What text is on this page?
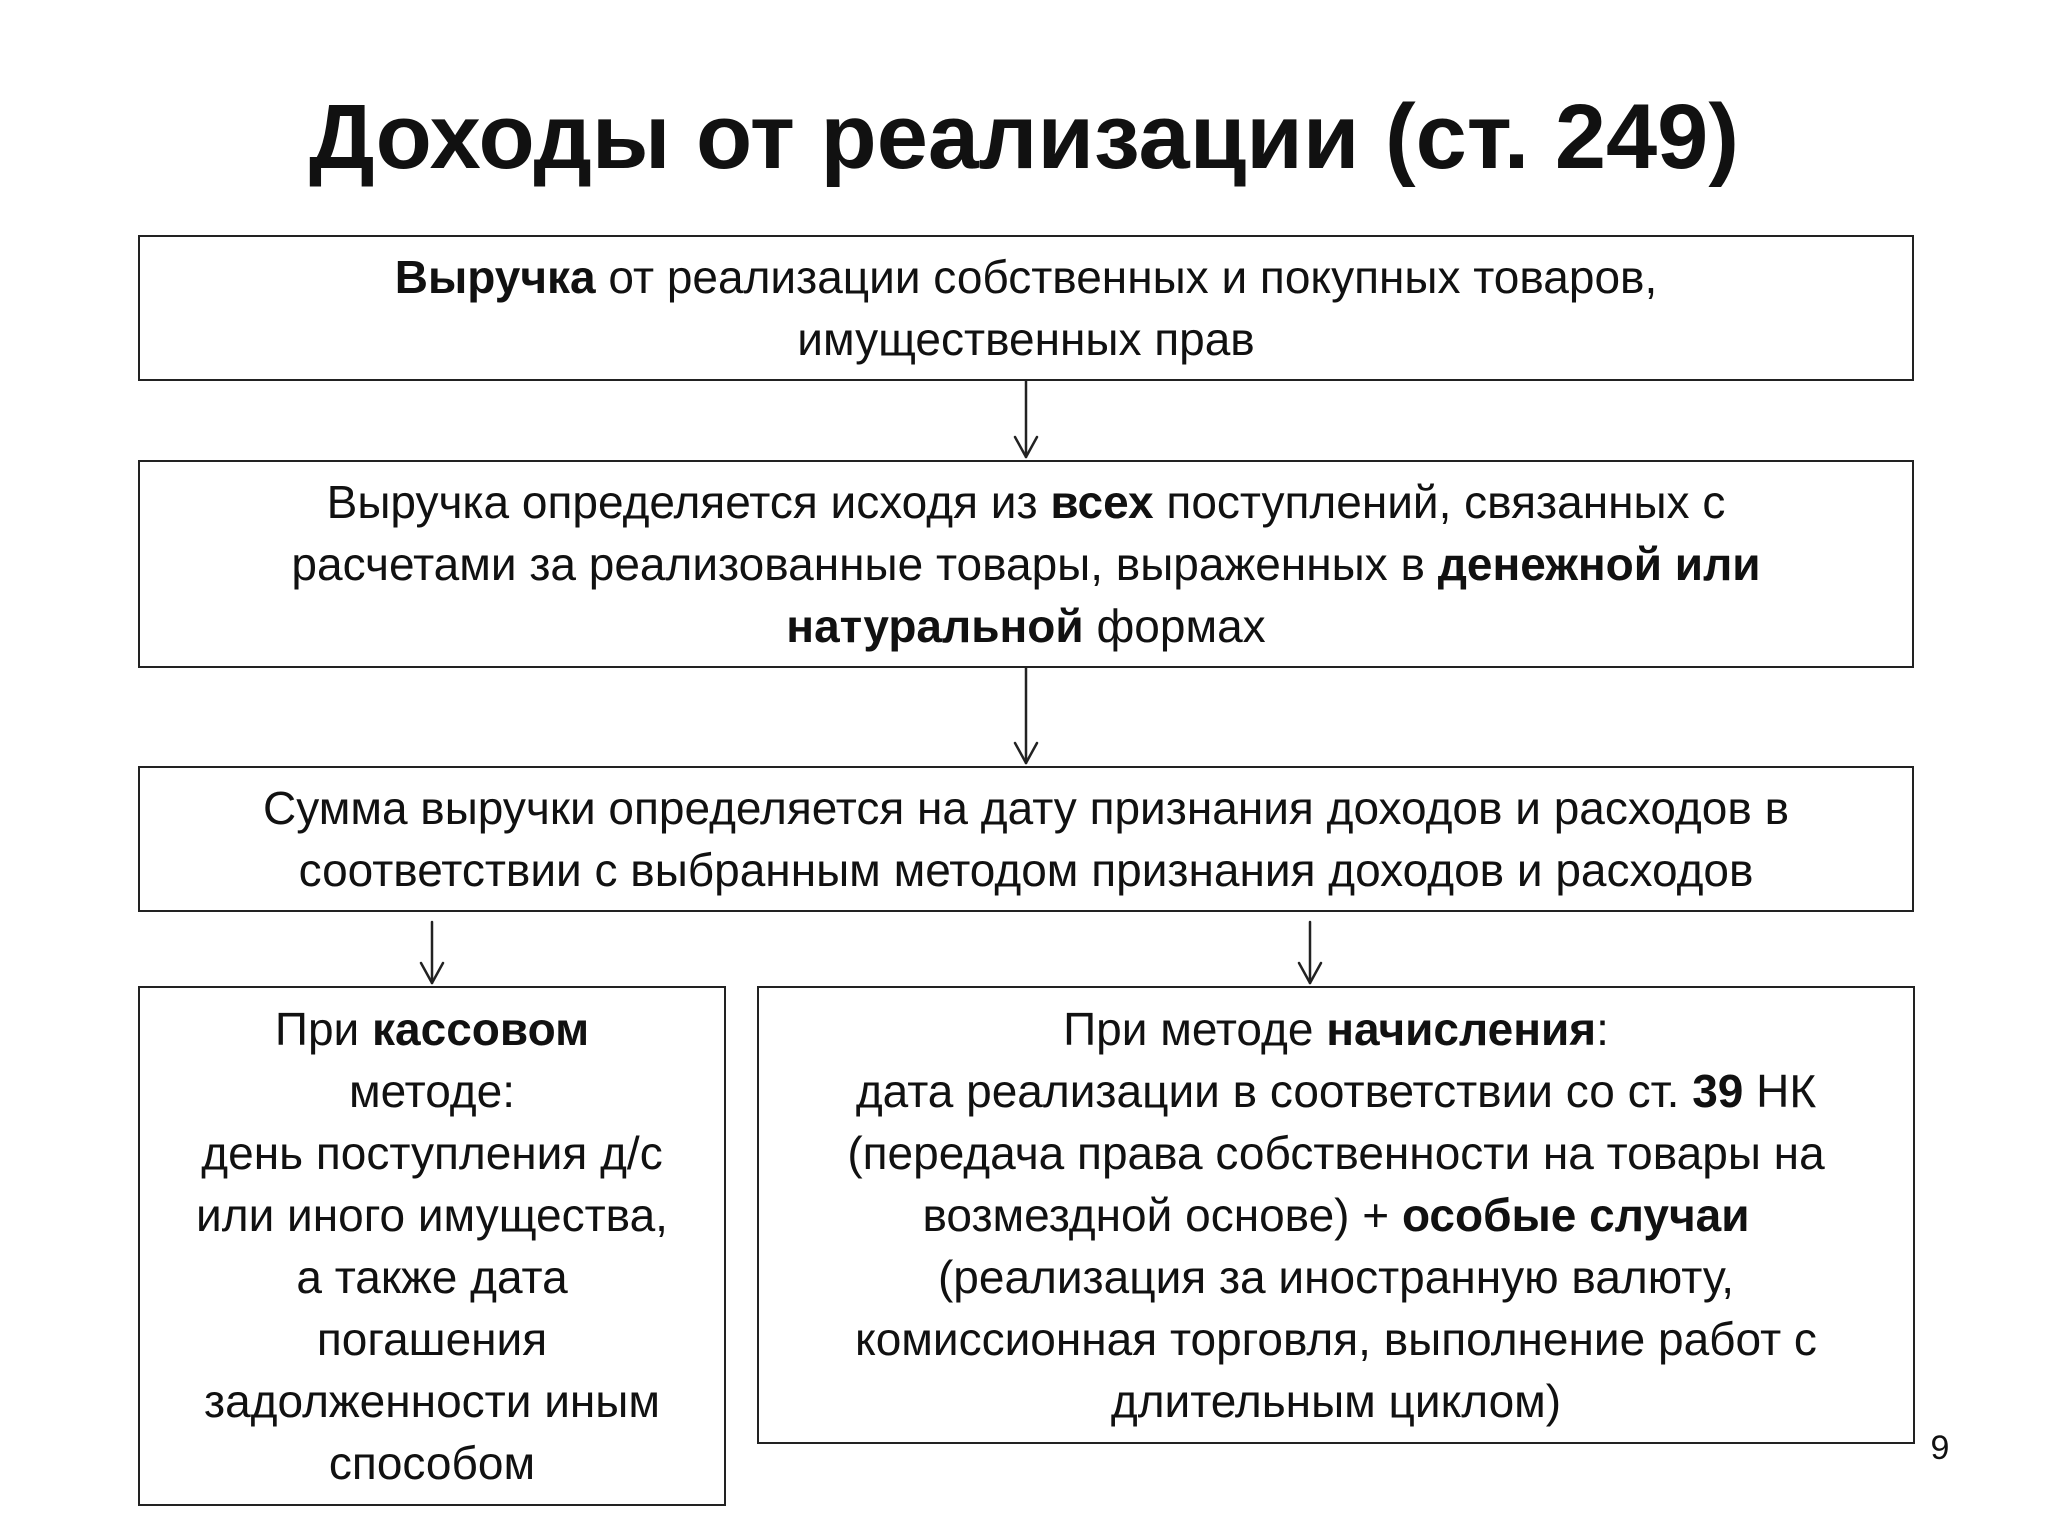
Доходы от реализации (ст. 249)
Выручка от реализации собственных и покупных товаров,
имущественных прав
Выручка определяется исходя из всех поступлений, связанных с
расчетами за реализованные товары, выраженных в денежной или
натуральной формах
Сумма выручки определяется на дату признания доходов и расходов в
соответствии с выбранным методом признания доходов и расходов
При кассовом
методе:
день поступления д/с
или иного имущества,
а также дата
погашения
задолженности иным
способом
При методе начисления:
дата реализации в соответствии со ст. 39 НК
(передача права собственности на товары на
возмездной основе) + особые случаи
(реализация за иностранную валюту,
комиссионная торговля, выполнение работ с
длительным циклом)
9
